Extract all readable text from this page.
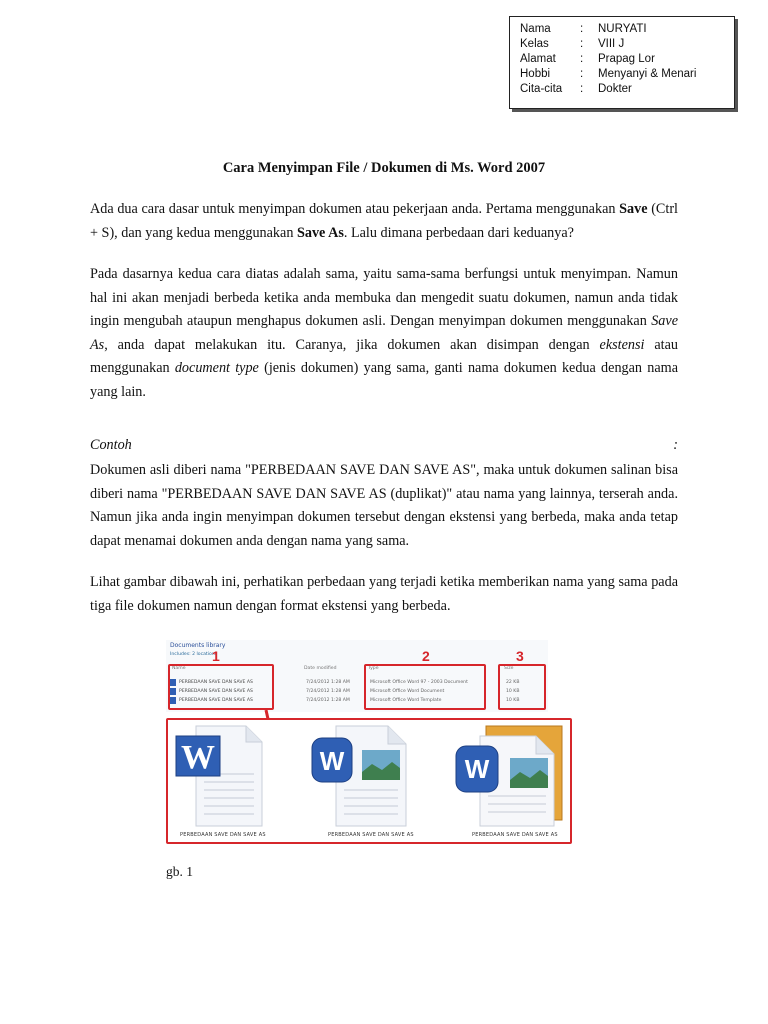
Nama	:	NURYATI
Kelas	:	VIII J
Alamat	:	Prapag Lor
Hobbi	:	Menyanyi & Menari
Cita-cita	:	Dokter
Cara Menyimpan File / Dokumen di Ms. Word 2007
Ada dua cara dasar untuk menyimpan dokumen atau pekerjaan anda. Pertama menggunakan Save (Ctrl + S), dan yang kedua menggunakan Save As. Lalu dimana perbedaan dari keduanya?
Pada dasarnya kedua cara diatas adalah sama, yaitu sama-sama berfungsi untuk menyimpan. Namun hal ini akan menjadi berbeda ketika anda membuka dan mengedit suatu dokumen, namun anda tidak ingin mengubah ataupun menghapus dokumen asli. Dengan menyimpan dokumen menggunakan Save As, anda dapat melakukan itu. Caranya, jika dokumen akan disimpan dengan ekstensi atau menggunakan document type (jenis dokumen) yang sama, ganti nama dokumen kedua dengan nama yang lain.
Contoh	:
Dokumen asli diberi nama "PERBEDAAN SAVE DAN SAVE AS", maka untuk dokumen salinan bisa diberi nama "PERBEDAAN SAVE DAN SAVE AS (duplikat)" atau nama yang lainnya, terserah anda. Namun jika anda ingin menyimpan dokumen tersebut dengan ekstensi yang berbeda, maka anda tetap dapat menamai dokumen anda dengan nama yang sama.
Lihat gambar dibawah ini, perhatikan perbedaan yang terjadi ketika memberikan nama yang sama pada tiga file dokumen namun dengan format ekstensi yang berbeda.
Documents library
Includes: 2 locations
Name	Date modified	Type	Size
PERBEDAAN SAVE DAN SAVE AS	7/24/2012 1:28 AM	Microsoft Office Word 97 - 2003 Document	22 KB
PERBEDAAN SAVE DAN SAVE AS	7/24/2012 1:28 AM	Microsoft Office Word Document	10 KB
PERBEDAAN SAVE DAN SAVE AS	7/24/2012 1:28 AM	Microsoft Office Word Template	10 KB
1	2	3
W	W	W
PERBEDAAN SAVE DAN SAVE AS	PERBEDAAN SAVE DAN SAVE AS	PERBEDAAN SAVE DAN SAVE AS
gb. 1
